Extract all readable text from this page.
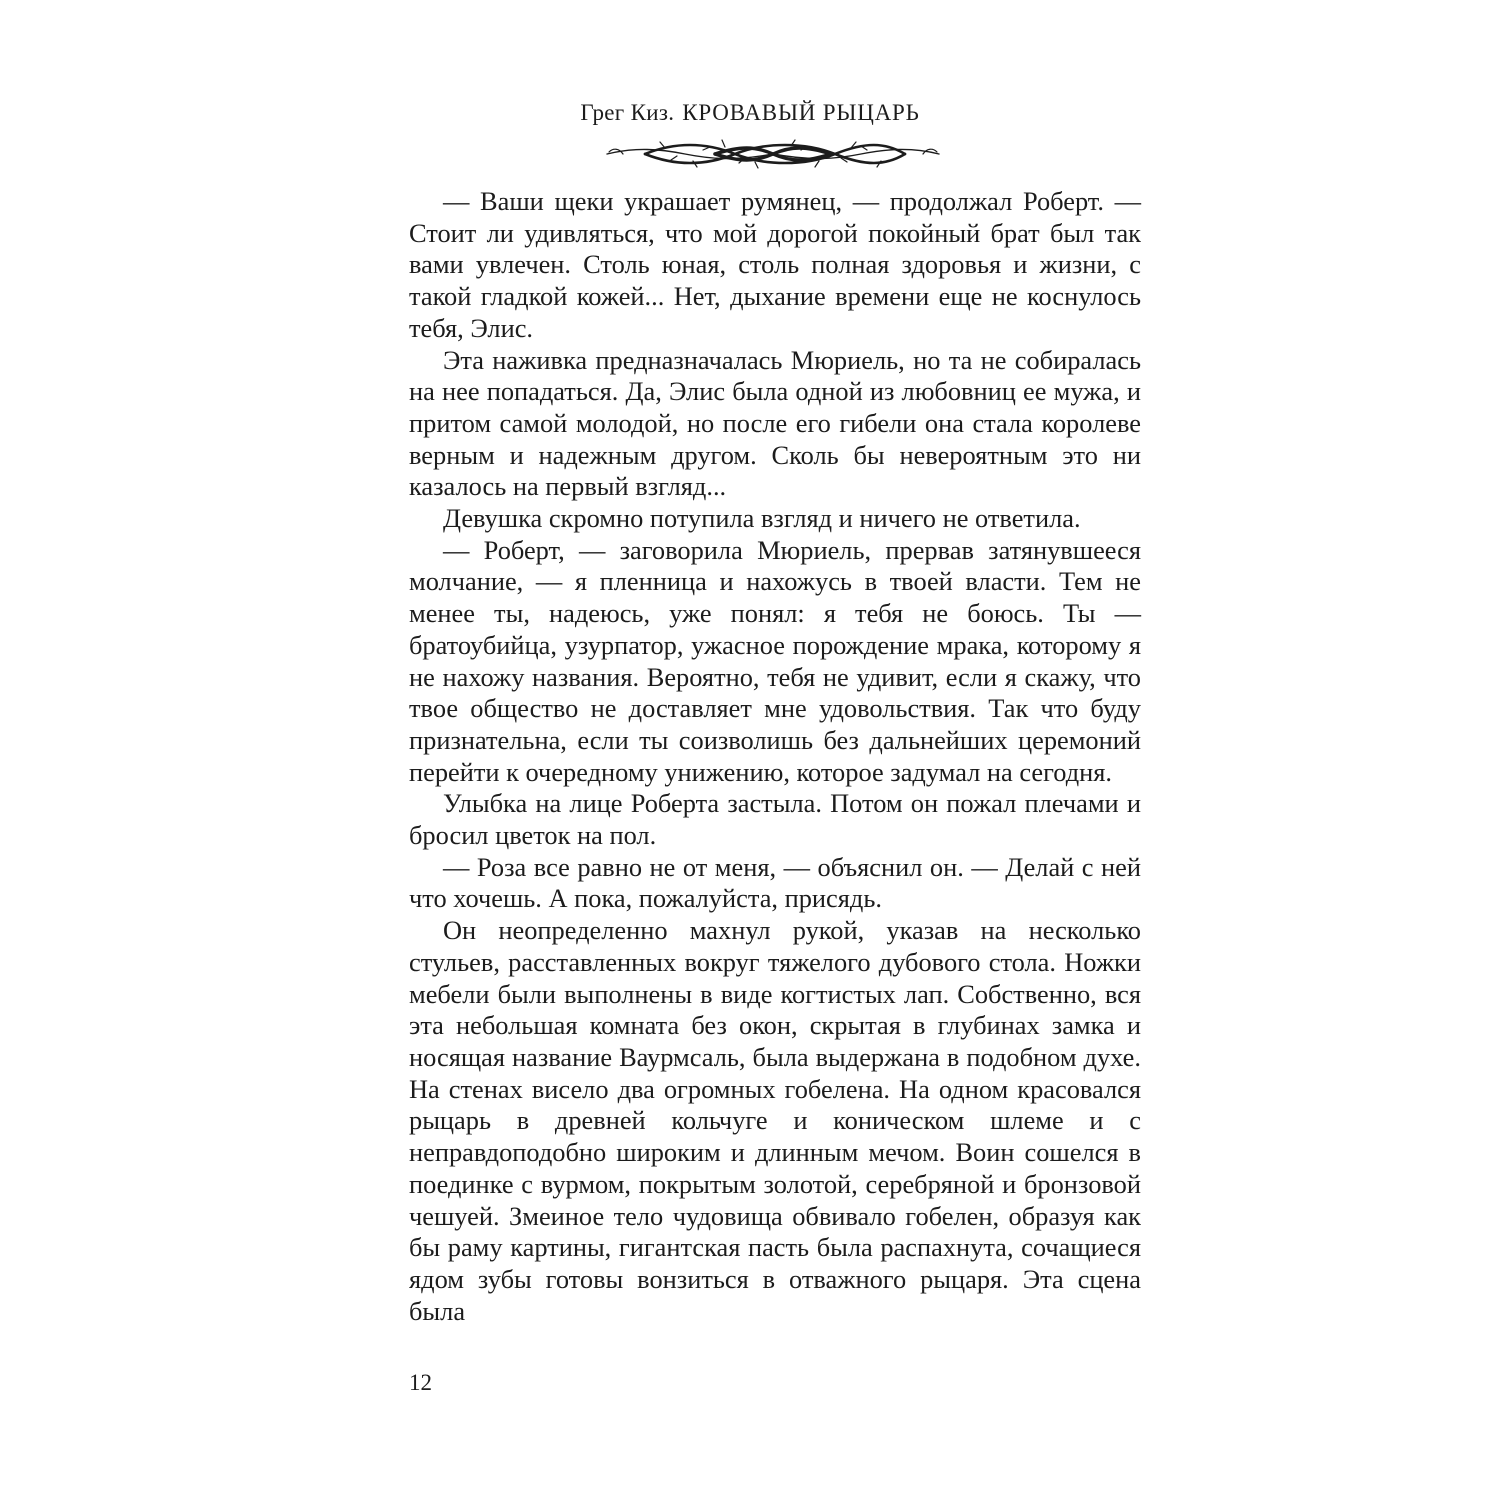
Грег Киз. КРОВАВЫЙ РЫЦАРЬ

— Ваши щеки украшает румянец, — продолжал Роберт. — Стоит ли удивляться, что мой дорогой покойный брат был так вами увлечен. Столь юная, столь полная здоровья и жизни, с такой гладкой кожей... Нет, дыхание времени еще не коснулось тебя, Элис.

Эта наживка предназначалась Мюриель, но та не собиралась на нее попадаться. Да, Элис была одной из любовниц ее мужа, и притом самой молодой, но после его гибели она стала королеве верным и надежным другом. Сколь бы невероятным это ни казалось на первый взгляд...

Девушка скромно потупила взгляд и ничего не ответила.

— Роберт, — заговорила Мюриель, прервав затянувшееся молчание, — я пленница и нахожусь в твоей власти. Тем не менее ты, надеюсь, уже понял: я тебя не боюсь. Ты — братоубийца, узурпатор, ужасное порождение мрака, которому я не нахожу названия. Вероятно, тебя не удивит, если я скажу, что твое общество не доставляет мне удовольствия. Так что буду признательна, если ты соизволишь без дальнейших церемоний перейти к очередному унижению, которое задумал на сегодня.

Улыбка на лице Роберта застыла. Потом он пожал плечами и бросил цветок на пол.

— Роза все равно не от меня, — объяснил он. — Делай с ней что хочешь. А пока, пожалуйста, присядь.

Он неопределенно махнул рукой, указав на несколько стульев, расставленных вокруг тяжелого дубового стола. Ножки мебели были выполнены в виде когтистых лап. Собственно, вся эта небольшая комната без окон, скрытая в глубинах замка и носящая название Ваурмсаль, была выдержана в подобном духе. На стенах висело два огромных гобелена. На одном красовался рыцарь в древней кольчуге и коническом шлеме и с неправдоподобно широким и длинным мечом. Воин сошелся в поединке с вурмом, покрытым золотой, серебряной и бронзовой чешуей. Змеиное тело чудовища обвивало гобелен, образуя как бы раму картины, гигантская пасть была распахнута, сочащиеся ядом зубы готовы вонзиться в отважного рыцаря. Эта сцена была

12
